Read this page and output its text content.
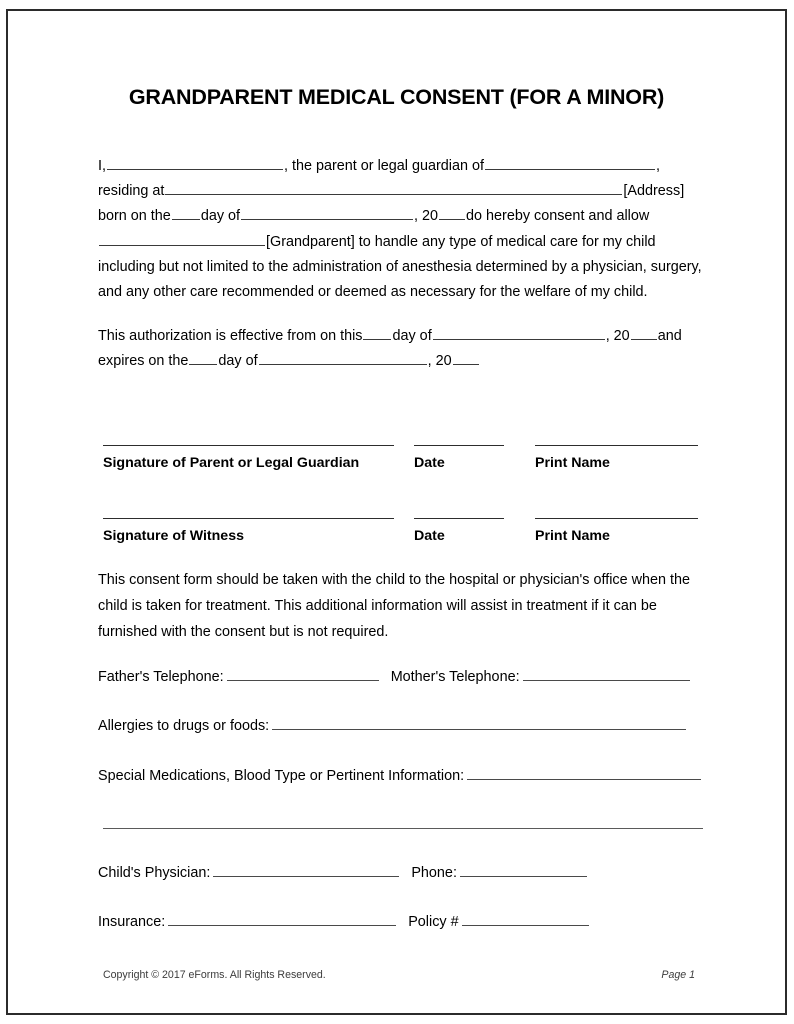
GRANDPARENT MEDICAL CONSENT (FOR A MINOR)
I,	, the parent or legal guardian of	,
residing at	[Address]
born on the day of	, 20 do hereby consent and allow
[Grandparent] to handle any type of medical care for my child
including but not limited to the administration of anesthesia determined by a physician, surgery,
and any other care recommended or deemed as necessary for the welfare of my child.
This authorization is effective from on this day of	, 20 and
expires on the day of	, 20
Signature of Parent or Legal Guardian	Date	Print Name
Signature of Witness	Date	Print Name
This consent form should be taken with the child to the hospital or physician's office when the
child is taken for treatment. This additional information will assist in treatment if it can be
furnished with the consent but is not required.
Father's Telephone:	Mother's Telephone:
Allergies to drugs or foods:
Special Medications, Blood Type or Pertinent Information:
Child's Physician:	Phone:
Insurance:	Policy #
Copyright © 2017 eForms. All Rights Reserved.	Page 1
